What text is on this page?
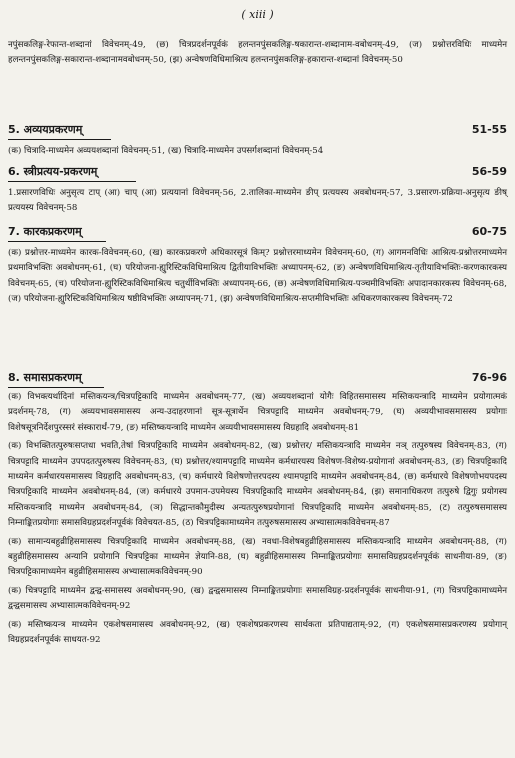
( xiii )

नपुंसकलिङ्ग-रेफान्त-शब्दानां विवेचनम्-49, (छ) चित्रप्रदर्शनपूर्वकं हलन्तनपुंसकलिङ्ग-षकारान्त-शब्दानाम-वबोधनम्-49, (ज) प्रश्नोत्तरविधिः माध्यमेन हलन्तनपुंसकलिङ्ग-सकारान्त-शब्दानामवबोधनम्-50, (झ) अन्वेषणविधिमाश्रित्य हलन्तनपुंसकलिङ्ग-हकारान्त-शब्दानां विवेचनम्-50

5. अव्ययप्रकरणम्	51-55

(क) चित्रादि-माध्यमेन अव्ययशब्दानां विवेचनम्-51, (ख) चित्रादि-माध्यमेन उपसर्गशब्दानां विवेचनम्-54

6. स्त्रीप्रत्यय-प्रकरणम्	56-59

1.प्रसारणविधिः अनुसृत्य टाप् (आ) चाप् (आ) प्रत्ययानां विवेचनम्-56, 2.तालिका-माध्यमेन ङीप् प्रत्ययस्य अवबोधनम्-57, 3.प्रसारण-प्रक्रिया-अनुसृत्य ङीष् प्रत्ययस्य विवेचनम्-58

7. कारकप्रकरणम्	60-75

(क) प्रश्नोत्तर-माध्यमेन कारक-विवेचनम्-60, (ख) कारकप्रकरणे अधिकारसूत्रं किम्? प्रश्नोत्तरमाध्यमेन विवेचनम्-60, (ग) आगमनविधिः आश्रित्य-प्रश्नोत्तरमाध्यमेन प्रथमाविभक्तिः अवबोधनम्-61, (घ) परियोजना-ह्युरिस्टिकविधिमाश्रित्य द्वितीयाविभक्तिः अध्यापनम्-62, (ङ) अन्वेषणविधिमाश्रित्य-तृतीयाविभक्तिः-करणकारकस्य विवेचनम्-65, (च) परियोजना-ह्युरिस्टिकविधिमाश्रित्य चतुर्थीविभक्तिः अध्यापनम्-66, (छ) अन्वेषणविधिमाश्रित्य-पञ्चमीविभक्तिः अपादानकारकस्य विवेचनम्-68, (ज) परियोजना-ह्युरिस्टिकविधिमाश्रित्य षष्ठीविभक्तिः अध्यापनम्-71, (झ) अन्वेषणविधिमाश्रित्य-सप्तमीविभक्तिः अधिकरणकारकस्य विवेचनम्-72

8. समासप्रकरणम्	76-96

(क) विभक्त्यर्थादिनां मस्तिकयन्त्र/चित्रपट्टिकादि माध्यमेन अवबोधनम्-77, (ख) अव्ययशब्दानां योगैः विहितसमासस्य मस्तिकयन्त्रादि माध्यमेन प्रयोगात्मकं प्रदर्शनम्-78, (ग) अव्ययभावसमासस्य अन्य-उदाहरणानां सूत्र-सूत्रार्थेन चित्रपट्टादि माध्यमेन अवबोधनम्-79, (घ) अव्ययीभावसमासस्य प्रयोगाः विशेषसूत्रनिर्देशपुरस्सरं संस्कारार्थं-79, (ङ) मस्तिष्कयन्त्रादि माध्यमेन अव्ययीभावसमासस्य विग्रहादि अवबोधनम्-81

(क) विभक्तितत्पुरुषःसप्तधा भवति,तेषां चित्रपट्टिकादि माध्यमेन अवबोधनम्-82, (ख) प्रश्नोत्तर/ मस्तिकयन्त्रादि माध्यमेन नञ् तत्पुरुषस्य विवेचनम्-83, (ग) चित्रपट्टादि माध्यमेन उपपदतत्पुरुषस्य विवेचनम्-83, (घ) प्रश्नोत्तर/श्यामपट्टादि माध्यमेन कर्मधारयस्य विशेषण-विशेष्य-प्रयोगानां अवबोधनम्-83, (ङ) चित्रपट्टिकादि माध्यमेन कर्मधारयसमासस्य विग्रहादि अवबोधनम्-83, (च) कर्मधारये विशेषणोत्तरपदस्य श्यामपट्टादि माध्यमेन अवबोधनम्-84, (छ) कर्मधारये विशेषणोभयपदस्य चित्रपट्टिकादि माध्यमेन अवबोधनम्-84, (ज) कर्मधारये उपमान-उपमेयस्य चित्रपट्टिकादि माध्यमेन अवबोधनम्-84, (झ) समानाधिकरण तत्पुरुषे द्विगुः प्रयोगस्य मस्तिकयन्त्रादि माध्यमेन अवबोधनम्-84, (ञ) सिद्धान्तकौमुदीस्थ अन्यतत्पुरुषप्रयोगानां चित्रपट्टिकादि माध्यमेन अवबोधनम्-85, (ट) तत्पुरुषसमासस्य निम्नाङ्कितप्रयोगाः समासविग्रहप्रदर्शनपूर्वकं विवेचयत-85, (ठ) चित्रपट्टिकामाध्यमेन तत्पुरुषसमासस्य अभ्यासात्मकविवेचनम्-87

(क) सामान्यबहुव्रीहिसमासस्य चित्रपट्टिकादि माध्यमेन अवबोधनम्-88, (ख) नवधा-विशेषबहुव्रीहिसमासस्य मस्तिकयन्त्रादि माध्यमेन अवबोधनम्-88, (ग) बहुव्रीहिसमासस्य अन्यानि प्रयोगानि चित्रपट्टिका माध्यमेन ज्ञेयानि-88, (घ) बहुव्रीहिसमासस्य निम्नाङ्कितप्रयोगाः समासविग्रहप्रदर्शनपूर्वकं साधनीया-89, (ङ) चित्रपट्टिकामाध्यमेन बहुव्रीहिसमासस्य अभ्यासात्मकविवेचनम्-90

(क) चित्रपट्टादि माध्यमेन द्वन्द्व-समासस्य अवबोधनम्-90, (ख) द्वन्द्वसमासस्य निम्नाङ्कितप्रयोगाः समासविग्रह-प्रदर्शनपूर्वकं साधनीया-91, (ग) चित्रपट्टिकामाध्यमेन द्वन्द्वसमासस्य अभ्यासात्मकविवेचनम्-92

(क) मस्तिष्कयन्त्र माध्यमेन एकशेषसमासस्य अवबोधनम्-92, (ख) एकशेषप्रकरणस्य सार्थकता प्रतिपाद्यताम्-92, (ग) एकशेषसमासप्रकरणस्य प्रयोगान् विग्रहप्रदर्शनपूर्वकं साधयत-92
